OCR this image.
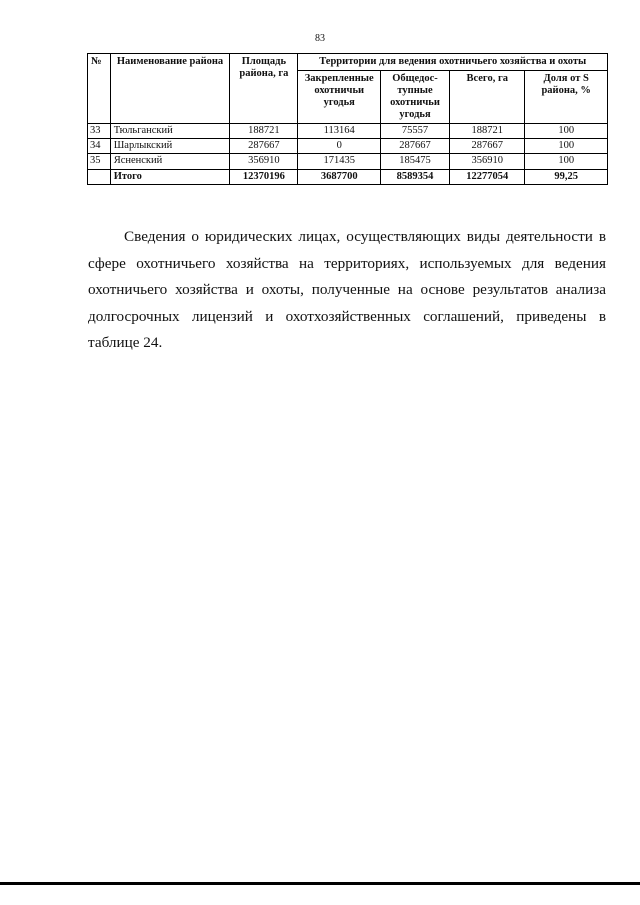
83
№	Наименование района	Площадь района, га	Территории для ведения охотничьего хозяйства и охоты			
			Закрепленные охотничьи угодья	Общедос-тупные охотничьи угодья	Всего, га	Доля от S района, %
33	Тюльганский	188721	113164	75557	188721	100
34	Шарлыкский	287667	0	287667	287667	100
35	Ясненский	356910	171435	185475	356910	100
	Итого	12370196	3687700	8589354	12277054	99,25

Сведения о юридических лицах, осуществляющих виды деятельности в сфере охотничьего хозяйства на территориях, используемых для ведения охотничьего хозяйства и охоты, полученные на основе результатов анализа долгосрочных лицензий и охотхозяйственных соглашений, приведены в таблице 24.
